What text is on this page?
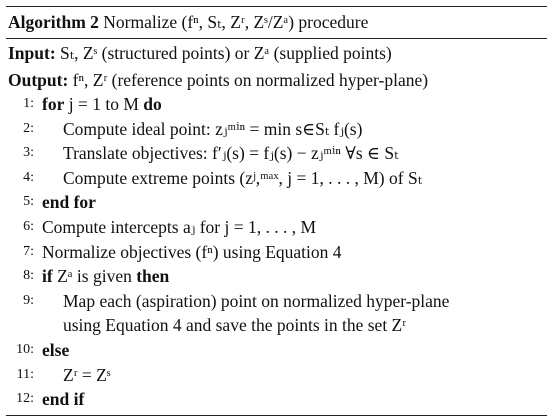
Algorithm 2 Normalize (fⁿ, Sₜ, Zʳ, Zˢ/Zᵃ) procedure
Input: Sₜ, Zˢ (structured points) or Zᵃ (supplied points)
Output: fⁿ, Zʳ (reference points on normalized hyper-plane)
1: for j = 1 to M do
2: Compute ideal point: zⱼᵐⁱⁿ = min s∈Sₜ fⱼ(s)
3: Translate objectives: f′ⱼ(s) = fⱼ(s) − zⱼᵐⁱⁿ ∀s ∈ Sₜ
4: Compute extreme points (zʲ,ᵐᵃˣ, j = 1, . . . , M) of Sₜ
5: end for
6: Compute intercepts aⱼ for j = 1, . . . , M
7: Normalize objectives (fⁿ) using Equation 4
8: if Zᵃ is given then
9: Map each (aspiration) point on normalized hyper-plane
using Equation 4 and save the points in the set Zʳ
10: else
11: Zʳ = Zˢ
12: end if
